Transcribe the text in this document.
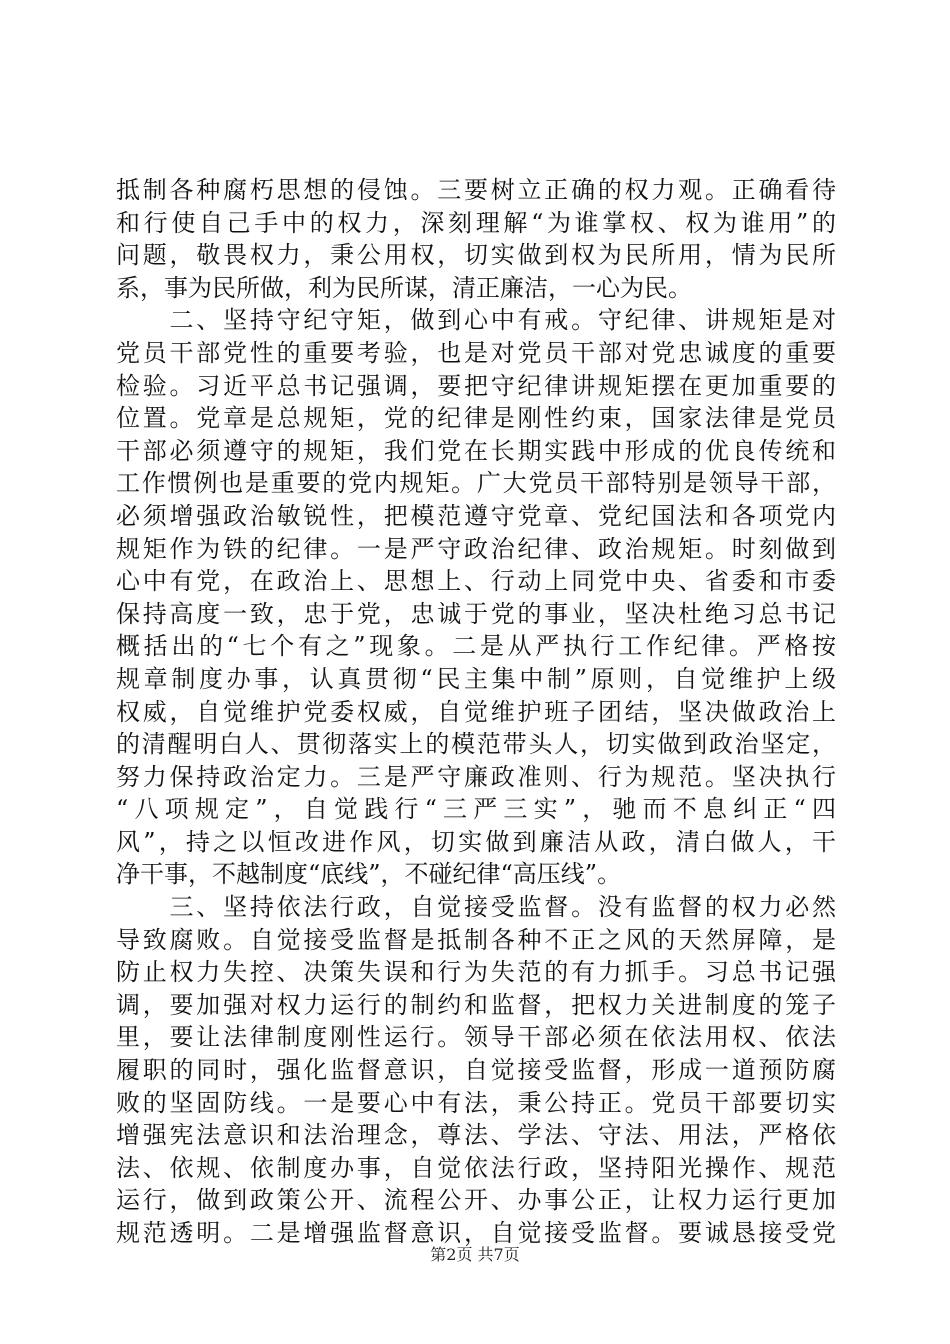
抵制各种腐朽思想的侵蚀。三要树立正确的权力观。正确看待
和行使自己手中的权力，深刻理解“为谁掌权、权为谁用”的
问题，敬畏权力，秉公用权，切实做到权为民所用，情为民所
系，事为民所做，利为民所谋，清正廉洁，一心为民。
　　二、坚持守纪守矩，做到心中有戒。守纪律、讲规矩是对
党员干部党性的重要考验，也是对党员干部对党忠诚度的重要
检验。习近平总书记强调，要把守纪律讲规矩摆在更加重要的
位置。党章是总规矩，党的纪律是刚性约束，国家法律是党员
干部必须遵守的规矩，我们党在长期实践中形成的优良传统和
工作惯例也是重要的党内规矩。广大党员干部特别是领导干部，
必须增强政治敏锐性，把模范遵守党章、党纪国法和各项党内
规矩作为铁的纪律。一是严守政治纪律、政治规矩。时刻做到
心中有党，在政治上、思想上、行动上同党中央、省委和市委
保持高度一致，忠于党，忠诚于党的事业，坚决杜绝习总书记
概括出的“七个有之”现象。二是从严执行工作纪律。严格按
规章制度办事，认真贯彻“民主集中制”原则，自觉维护上级
权威，自觉维护党委权威，自觉维护班子团结，坚决做政治上
的清醒明白人、贯彻落实上的模范带头人，切实做到政治坚定，
努力保持政治定力。三是严守廉政准则、行为规范。坚决执行
“八项规定”，自觉践行“三严三实”，驰而不息纠正“四
风”，持之以恒改进作风，切实做到廉洁从政，清白做人，干
净干事，不越制度“底线”，不碰纪律“高压线”。
　　三、坚持依法行政，自觉接受监督。没有监督的权力必然
导致腐败。自觉接受监督是抵制各种不正之风的天然屏障，是
防止权力失控、决策失误和行为失范的有力抓手。习总书记强
调，要加强对权力运行的制约和监督，把权力关进制度的笼子
里，要让法律制度刚性运行。领导干部必须在依法用权、依法
履职的同时，强化监督意识，自觉接受监督，形成一道预防腐
败的坚固防线。一是要心中有法，秉公持正。党员干部要切实
增强宪法意识和法治理念，尊法、学法、守法、用法，严格依
法、依规、依制度办事，自觉依法行政，坚持阳光操作、规范
运行，做到政策公开、流程公开、办事公正，让权力运行更加
规范透明。二是增强监督意识，自觉接受监督。要诚恳接受党
第2页 共7页
